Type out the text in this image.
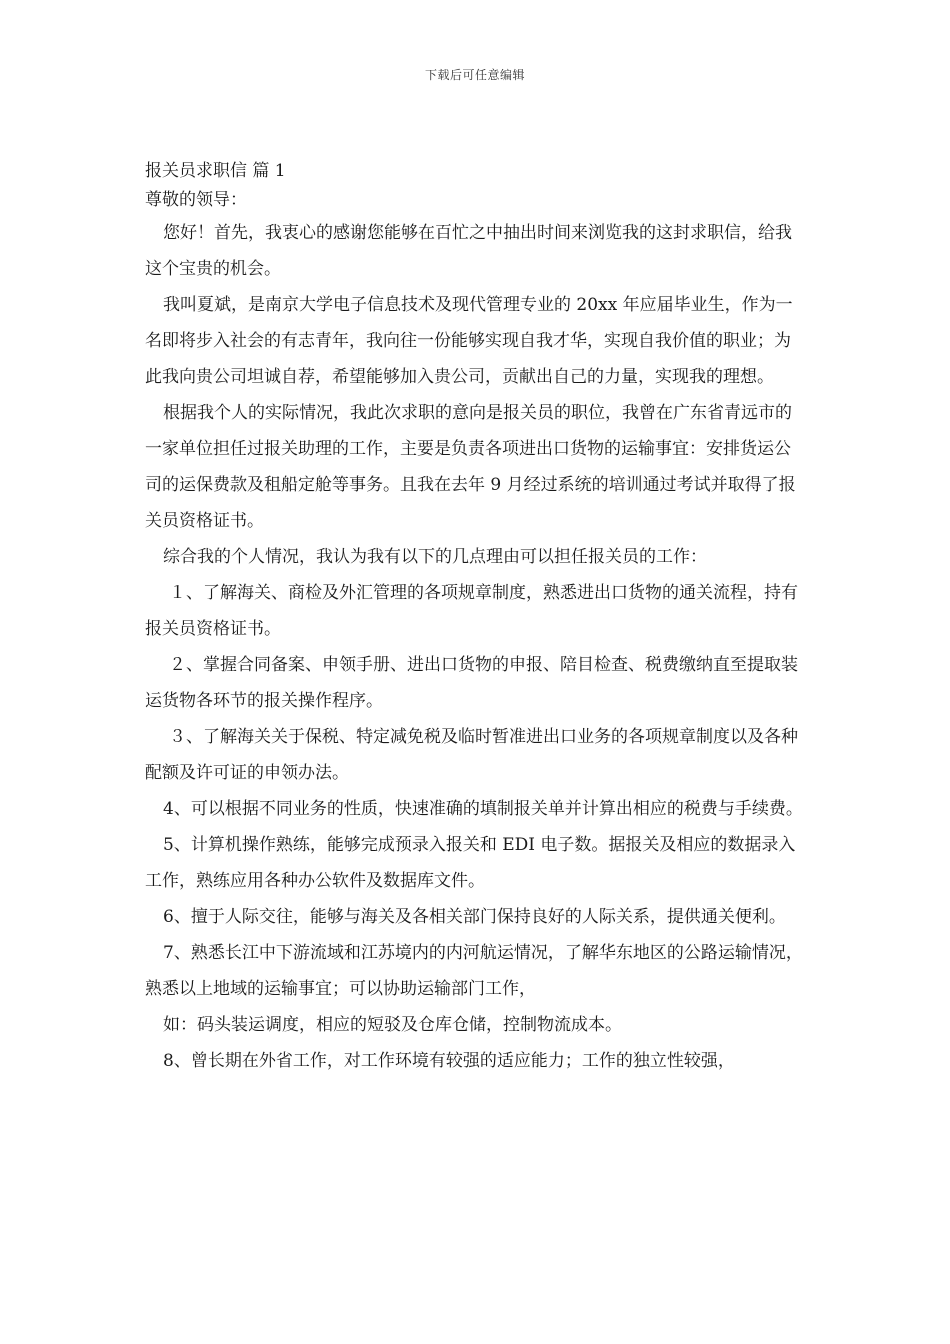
下载后可任意编辑

报关员求职信 篇 1

尊敬的领导：

您好！首先，我衷心的感谢您能够在百忙之中抽出时间来浏览我的这封求职信，给我这个宝贵的机会。

我叫夏斌，是南京大学电子信息技术及现代管理专业的 20xx 年应届毕业生，作为一名即将步入社会的有志青年，我向往一份能够实现自我才华，实现自我价值的职业；为此我向贵公司坦诚自荐，希望能够加入贵公司，贡献出自己的力量，实现我的理想。

根据我个人的实际情况，我此次求职的意向是报关员的职位，我曾在广东省青远市的一家单位担任过报关助理的工作，主要是负责各项进出口货物的运输事宜：安排货运公司的运保费款及租船定舱等事务。且我在去年 9 月经过系统的培训通过考试并取得了报关员资格证书。

综合我的个人情况，我认为我有以下的几点理由可以担任报关员的工作：

１、了解海关、商检及外汇管理的各项规章制度，熟悉进出口货物的通关流程，持有报关员资格证书。

２、掌握合同备案、申领手册、进出口货物的申报、陪目检查、税费缴纳直至提取装运货物各环节的报关操作程序。

３、了解海关关于保税、特定减免税及临时暂准进出口业务的各项规章制度以及各种配额及许可证的申领办法。

4、可以根据不同业务的性质，快速准确的填制报关单并计算出相应的税费与手续费。

5、计算机操作熟练，能够完成预录入报关和 EDI 电子数。据报关及相应的数据录入工作，熟练应用各种办公软件及数据库文件。

6、擅于人际交往，能够与海关及各相关部门保持良好的人际关系，提供通关便利。

7、熟悉长江中下游流域和江苏境内的内河航运情况，了解华东地区的公路运输情况，熟悉以上地域的运输事宜；可以协助运输部门工作，

如：码头装运调度，相应的短驳及仓库仓储，控制物流成本。

8、曾长期在外省工作，对工作环境有较强的适应能力；工作的独立性较强，
